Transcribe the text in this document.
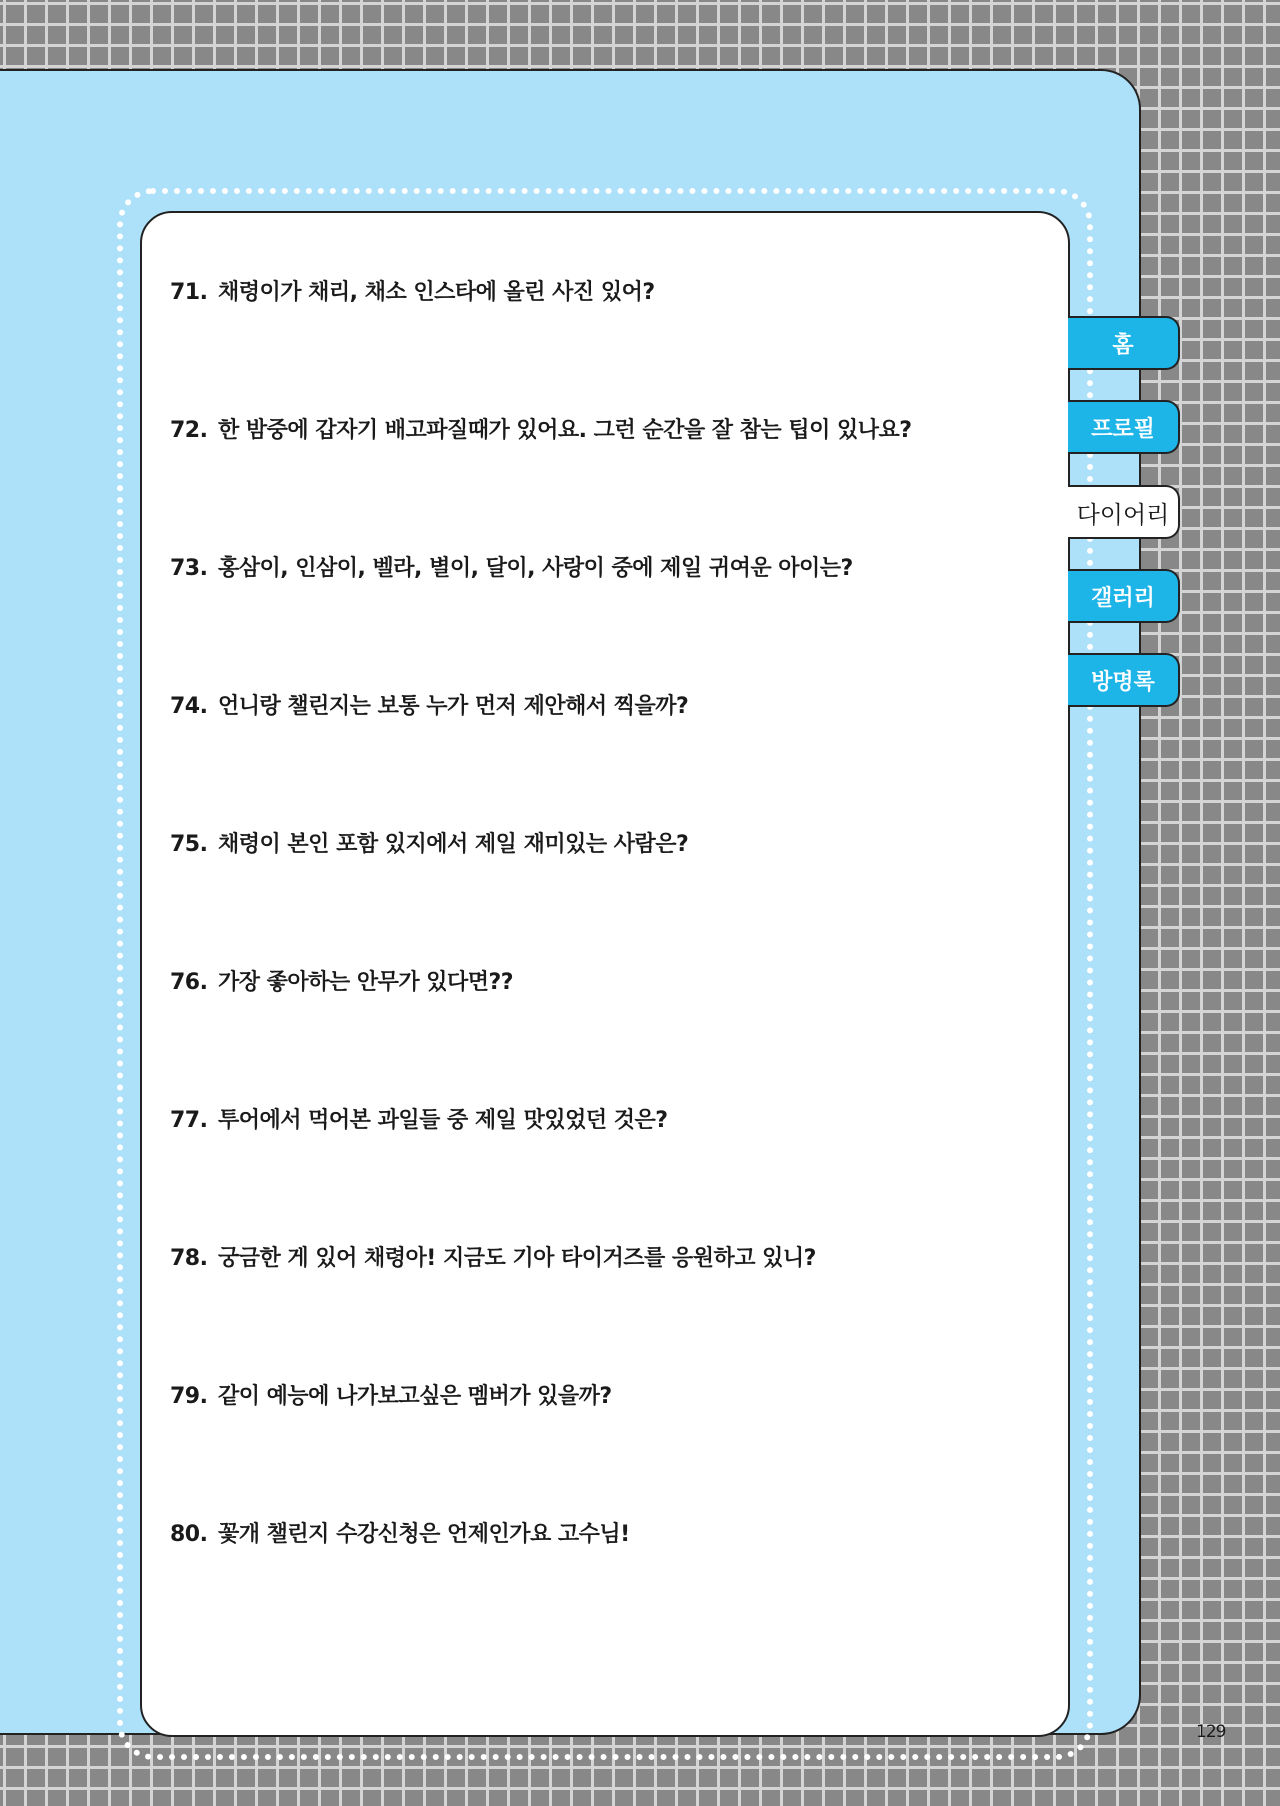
71. 채령이가 채리, 채소 인스타에 올린 사진 있어?
72. 한 밤중에 갑자기 배고파질때가 있어요. 그런 순간을 잘 참는 팁이 있나요?
73. 홍삼이, 인삼이, 벨라, 별이, 달이, 사랑이 중에 제일 귀여운 아이는?
74. 언니랑 챌린지는 보통 누가 먼저 제안해서 찍을까?
75. 채령이 본인 포함 있지에서 제일 재미있는 사람은?
76. 가장 좋아하는 안무가 있다면??
77. 투어에서 먹어본 과일들 중 제일 맛있었던 것은?
78. 궁금한 게 있어 채령아! 지금도 기아 타이거즈를 응원하고 있니?
79. 같이 예능에 나가보고싶은 멤버가 있을까?
80. 꽃개 챌린지 수강신청은 언제인가요 고수님!
홈
프로필
다이어리
갤러리
방명록
129
